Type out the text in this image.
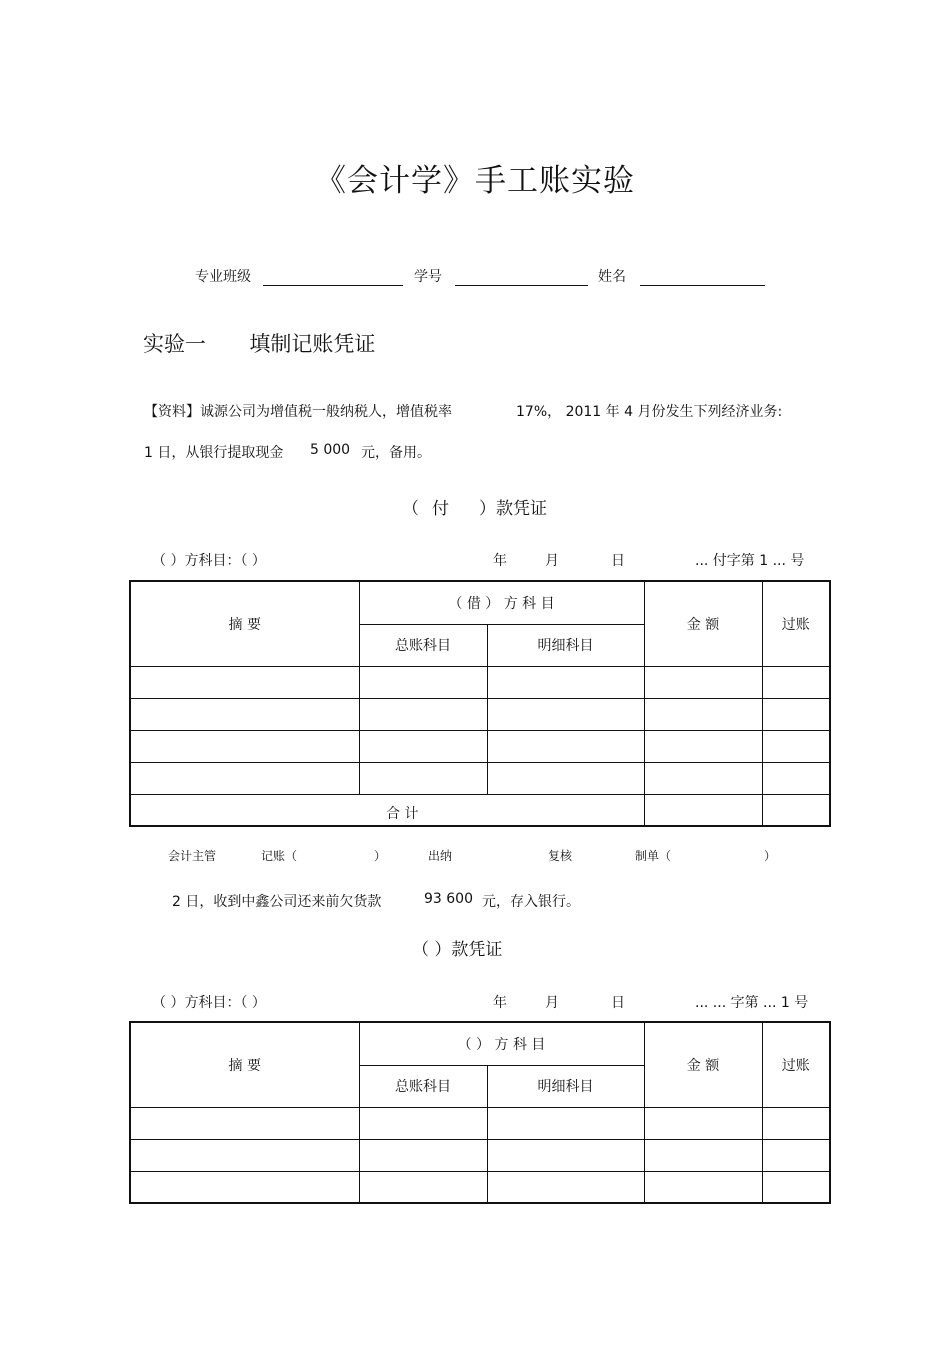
《会计学》手工账实验
专业班级	学号	姓名
实验一 填制记账凭证
【资料】诚源公司为增值税一般纳税人，增值税率	17%， 2011 年 4 月份发生下列经济业务:
1 日，从银行提取现金 5 000 元，备用。
（ 付 ）款凭证
（ ）方科目：（ ）	年	月	日	... 付字第 1 ... 号
摘 要	（ 借 ） 方 科 目		金 额	过账
	总账科目	明细科目		

合 计				
会计主管	记账（	）	出纳	复核	制单（	）
2 日，收到中鑫公司还来前欠货款	93 600 元，存入银行。
（ ）款凭证
（ ）方科目：（ ）	年	月	日	... ... 字第 ... 1 号
摘 要	（ ） 方 科 目		金 额	过账
	总账科目	明细科目		
